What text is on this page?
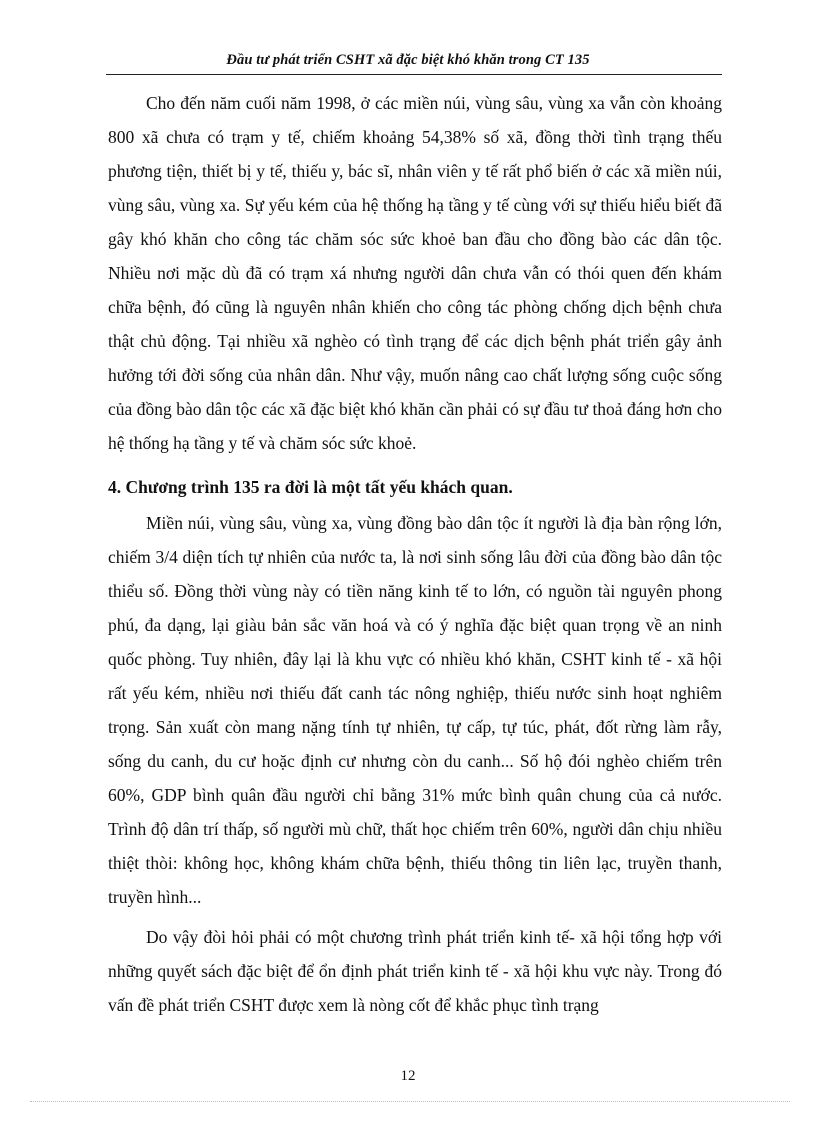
Đầu tư phát triển CSHT xã đặc biệt khó khăn trong CT 135

Cho đến năm cuối năm 1998, ở các miền núi, vùng sâu, vùng xa vẫn còn khoảng 800 xã chưa có trạm y tế, chiếm khoảng 54,38% số xã, đồng thời tình trạng thếu phương tiện, thiết bị y tế, thiếu y, bác sĩ, nhân viên y tế rất phổ biến ở các xã miền núi, vùng sâu, vùng xa. Sự yếu kém của hệ thống hạ tầng y tế cùng với sự thiếu hiểu biết đã gây khó khăn cho công tác chăm sóc sức khoẻ ban đầu cho đồng bào các dân tộc. Nhiều nơi mặc dù đã có trạm xá nhưng người dân chưa vẫn có thói quen đến khám chữa bệnh, đó cũng là nguyên nhân khiến cho công tác phòng chống dịch bệnh chưa thật chủ động. Tại nhiều xã nghèo có tình trạng để các dịch bệnh phát triển gây ảnh hưởng tới đời sống của nhân dân. Như vậy, muốn nâng cao chất lượng sống cuộc sống của đồng bào dân tộc các xã đặc biệt khó khăn cần phải có sự đầu tư thoả đáng hơn cho hệ thống hạ tầng y tế và chăm sóc sức khoẻ.

4. Chương trình 135 ra đời là một tất yếu khách quan.

Miền núi, vùng sâu, vùng xa, vùng đồng bào dân tộc ít người là địa bàn rộng lớn, chiếm 3/4 diện tích tự nhiên của nước ta, là nơi sinh sống lâu đời của đồng bào dân tộc thiểu số. Đồng thời vùng này có tiền năng kinh tế to lớn, có nguồn tài nguyên phong phú, đa dạng, lại giàu bản sắc văn hoá và có ý nghĩa đặc biệt quan trọng về an ninh quốc phòng. Tuy nhiên, đây lại là khu vực có nhiều khó khăn, CSHT kinh tế - xã hội rất yếu kém, nhiều nơi thiếu đất canh tác nông nghiệp, thiếu nước sinh hoạt nghiêm trọng. Sản xuất còn mang nặng tính tự nhiên, tự cấp, tự túc, phát, đốt rừng làm rẫy, sống du canh, du cư hoặc định cư nhưng còn du canh... Số hộ đói nghèo chiếm trên 60%, GDP bình quân đầu người chỉ bằng 31% mức bình quân chung của cả nước. Trình độ dân trí thấp, số người mù chữ, thất học chiếm trên 60%, người dân chịu nhiều thiệt thòi: không học, không khám chữa bệnh, thiếu thông tin liên lạc, truyền thanh, truyền hình...

Do vậy đòi hỏi phải có một chương trình phát triển kinh tế- xã hội tổng hợp với những quyết sách đặc biệt để ổn định phát triển kinh tế - xã hội khu vực này. Trong đó vấn đề phát triển CSHT được xem là nòng cốt để khắc phục tình trạng

12
